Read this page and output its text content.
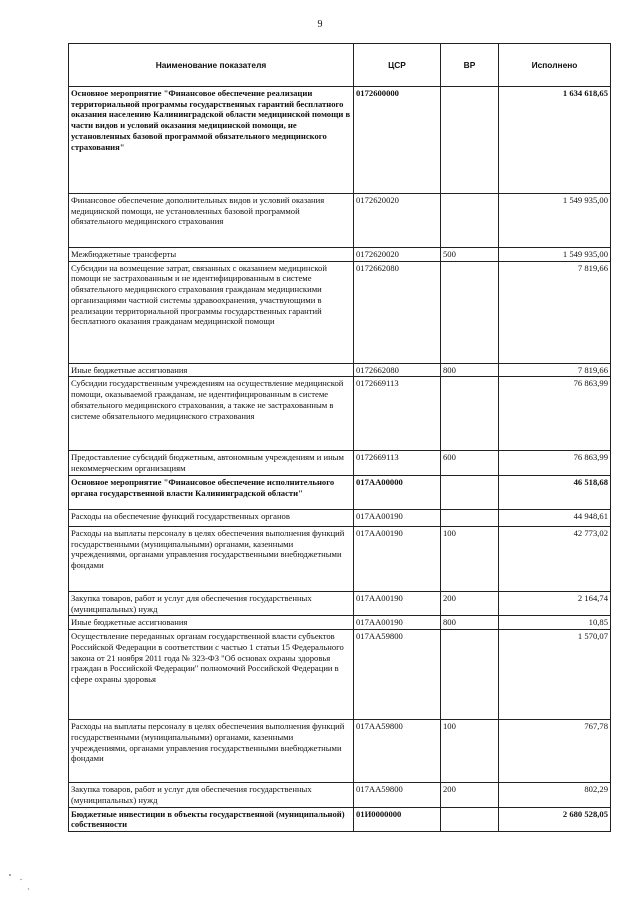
9
Наименование показателя	ЦСР	ВР	Исполнено
Основное мероприятие "Финансовое обеспечение реализации территориальной программы государственных гарантий бесплатного оказания населению Калининградской области медицинской помощи в части видов и условий оказания медицинской помощи, не установленных базовой программой обязательного медицинского страхования"	0172600000		1 634 618,65
Финансовое обеспечение дополнительных видов и условий оказания медицинской помощи, не установленных базовой программой обязательного медицинского страхования	0172620020		1 549 935,00
Межбюджетные трансферты	0172620020	500	1 549 935,00
Субсидии на возмещение затрат, связанных с оказанием медицинской помощи не застрахованным и не идентифицированным в системе обязательного медицинского страхования гражданам медицинскими организациями частной системы здравоохранения, участвующими в реализации территориальной программы государственных гарантий бесплатного оказания гражданам медицинской помощи	0172662080		7 819,66
Иные бюджетные ассигнования	0172662080	800	7 819,66
Субсидии государственным учреждениям на осуществление медицинской помощи, оказываемой гражданам, не идентифицированным в системе обязательного медицинского страхования, а также не застрахованным в системе обязательного медицинского страхования	0172669113		76 863,99
Предоставление субсидий бюджетным, автономным учреждениям и иным некоммерческим организациям	0172669113	600	76 863,99
Основное мероприятие "Финансовое обеспечение исполнительного органа государственной власти Калининградской области"	017АА00000		46 518,68
Расходы на обеспечение функций государственных органов	017АА00190		44 948,61
Расходы на выплаты персоналу в целях обеспечения выполнения функций государственными (муниципальными) органами, казенными учреждениями, органами управления государственными внебюджетными фондами	017АА00190	100	42 773,02
Закупка товаров, работ и услуг для обеспечения государственных (муниципальных) нужд	017АА00190	200	2 164,74
Иные бюджетные ассигнования	017АА00190	800	10,85
Осуществление переданных органам государственной власти субъектов Российской Федерации в соответствии с частью 1 статьи 15 Федерального закона от 21 ноября 2011 года № 323-ФЗ "Об основах охраны здоровья граждан в Российской Федерации" полномочий Российской Федерации в сфере охраны здоровья	017АА59800		1 570,07
Расходы на выплаты персоналу в целях обеспечения выполнения функций государственными (муниципальными) органами, казенными учреждениями, органами управления государственными внебюджетными фондами	017АА59800	100	767,78
Закупка товаров, работ и услуг для обеспечения государственных (муниципальных) нужд	017АА59800	200	802,29
Бюджетные инвестиции в объекты государственной (муниципальной) собственности	01И0000000		2 680 528,05
